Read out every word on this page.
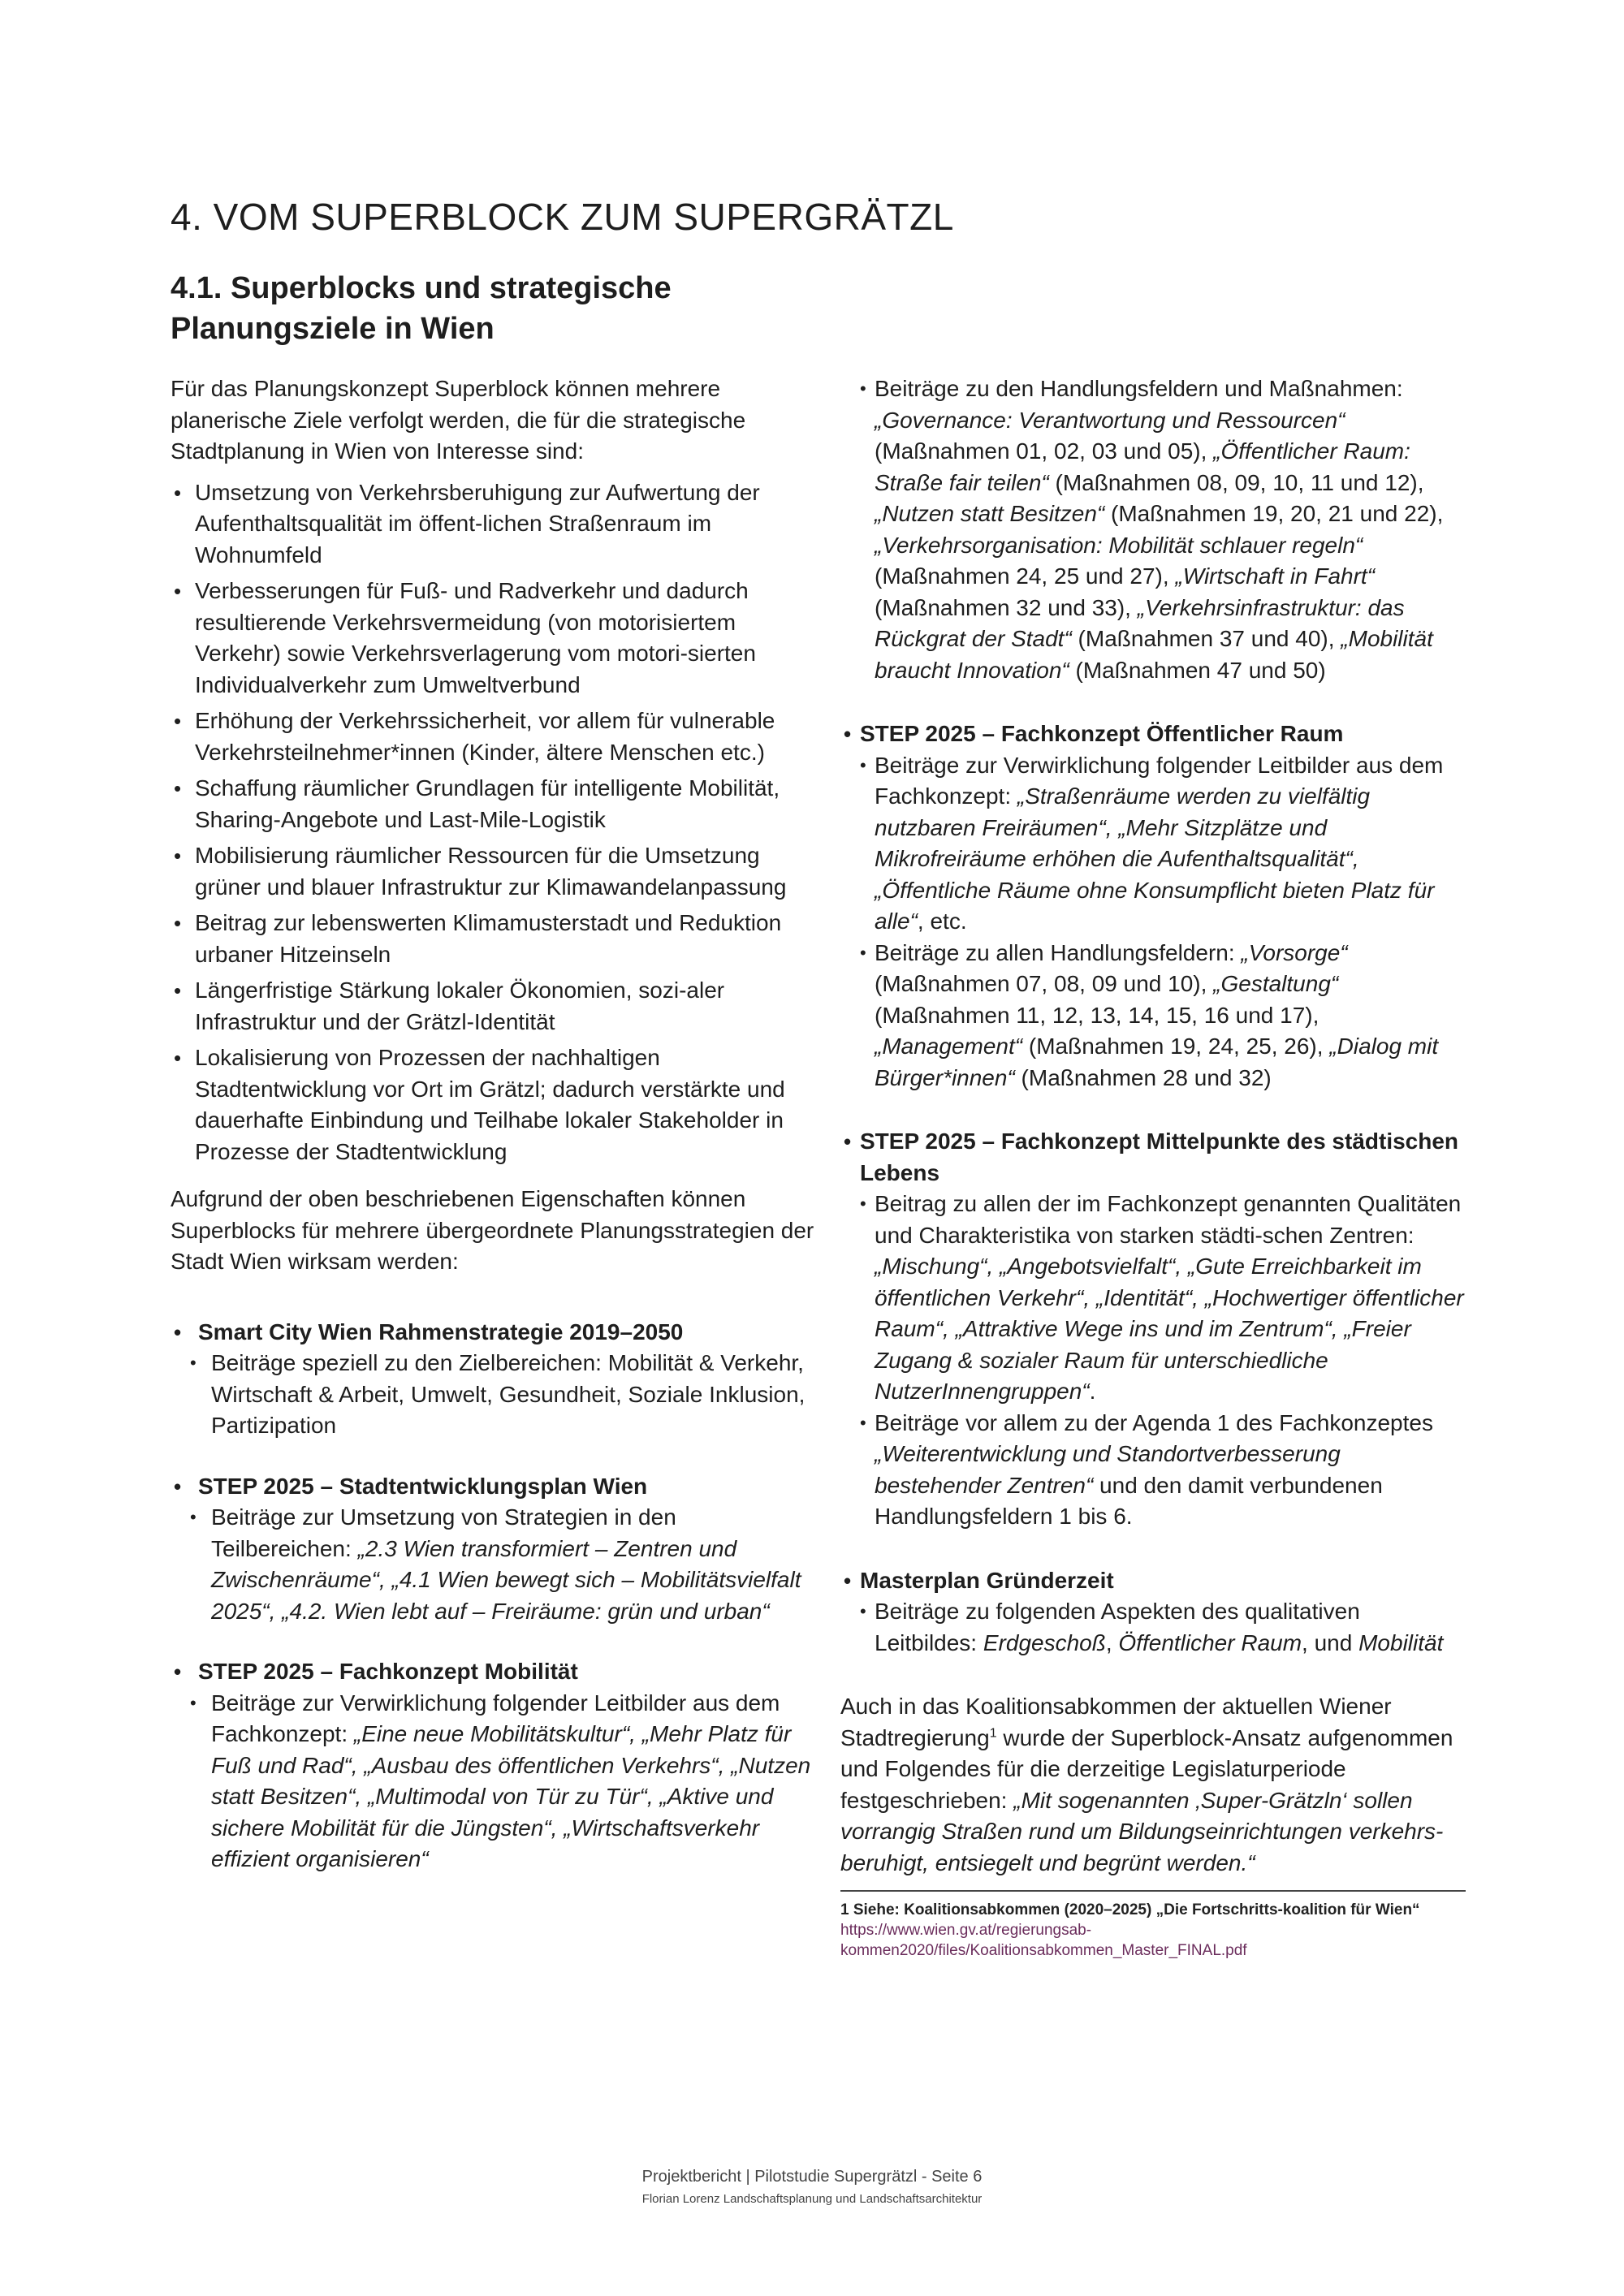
4. VOM SUPERBLOCK ZUM SUPERGRÄTZL
4.1. Superblocks und strategische
Planungsziele in Wien

Für das Planungskonzept Superblock können mehrere planerische Ziele verfolgt werden, die für die strategische Stadtplanung in Wien von Interesse sind:

• Umsetzung von Verkehrsberuhigung zur Aufwertung der Aufenthaltsqualität im öffent-lichen Straßenraum im Wohnumfeld
• Verbesserungen für Fuß- und Radverkehr und dadurch resultierende Verkehrsvermeidung (von motorisiertem Verkehr) sowie Verkehrsverlagerung vom motori-sierten Individualverkehr zum Umweltverbund
• Erhöhung der Verkehrssicherheit, vor allem für vulnerable Verkehrsteilnehmer*innen (Kinder, ältere Menschen etc.)
• Schaffung räumlicher Grundlagen für intelligente Mobilität, Sharing-Angebote und Last-Mile-Logistik
• Mobilisierung räumlicher Ressourcen für die Umsetzung grüner und blauer Infrastruktur zur Klimawandelanpassung
• Beitrag zur lebenswerten Klimamusterstadt und Reduktion urbaner Hitzeinseln
• Längerfristige Stärkung lokaler Ökonomien, sozi-aler Infrastruktur und der Grätzl-Identität
• Lokalisierung von Prozessen der nachhaltigen Stadtentwicklung vor Ort im Grätzl; dadurch verstärkte und dauerhafte Einbindung und Teilhabe lokaler Stakeholder in Prozesse der Stadtentwicklung

Aufgrund der oben beschriebenen Eigenschaften können Superblocks für mehrere übergeordnete Planungsstrategien der Stadt Wien wirksam werden:

• Smart City Wien Rahmenstrategie 2019–2050
• Beiträge speziell zu den Zielbereichen: Mobilität & Verkehr, Wirtschaft & Arbeit, Umwelt, Gesundheit, Soziale Inklusion, Partizipation
• STEP 2025 – Stadtentwicklungsplan Wien
• Beiträge zur Umsetzung von Strategien in den Teilbereichen: „2.3 Wien transformiert – Zentren und Zwischenräume“, „4.1 Wien bewegt sich – Mobilitätsvielfalt 2025“, „4.2. Wien lebt auf – Freiräume: grün und urban“
• STEP 2025 – Fachkonzept Mobilität
• Beiträge zur Verwirklichung folgender Leitbilder aus dem Fachkonzept: „Eine neue Mobilitätskultur“, „Mehr Platz für Fuß und Rad“, „Ausbau des öffentlichen Verkehrs“, „Nutzen statt Besitzen“, „Multimodal von Tür zu Tür“, „Aktive und sichere Mobilität für die Jüngsten“, „Wirtschaftsverkehr effizient organisieren“
• Beiträge zu den Handlungsfeldern und Maßnahmen: „Governance: Verantwortung und Ressourcen“ (Maßnahmen 01, 02, 03 und 05), „Öffentlicher Raum: Straße fair teilen“ (Maßnahmen 08, 09, 10, 11 und 12), „Nutzen statt Besitzen“ (Maßnahmen 19, 20, 21 und 22), „Verkehrsorganisation: Mobilität schlauer regeln“ (Maßnahmen 24, 25 und 27), „Wirtschaft in Fahrt“ (Maßnahmen 32 und 33), „Verkehrsinfrastruktur: das Rückgrat der Stadt“ (Maßnahmen 37 und 40), „Mobilität braucht Innovation“ (Maßnahmen 47 und 50)
• STEP 2025 – Fachkonzept Öffentlicher Raum
• Beiträge zur Verwirklichung folgender Leitbilder aus dem Fachkonzept: „Straßenräume werden zu vielfältig nutzbaren Freiräumen“, „Mehr Sitzplätze und Mikrofreiräume erhöhen die Aufenthaltsqualität“, „Öffentliche Räume ohne Konsumpflicht bieten Platz für alle“, etc.
• Beiträge zu allen Handlungsfeldern: „Vorsorge“ (Maßnahmen 07, 08, 09 und 10), „Gestaltung“ (Maßnahmen 11, 12, 13, 14, 15, 16 und 17), „Management“ (Maßnahmen 19, 24, 25, 26), „Dialog mit Bürger*innen“ (Maßnahmen 28 und 32)
• STEP 2025 – Fachkonzept Mittelpunkte des städtischen Lebens
• Beitrag zu allen der im Fachkonzept genannten Qualitäten und Charakteristika von starken städti-schen Zentren: „Mischung“, „Angebotsvielfalt“, „Gute Erreichbarkeit im öffentlichen Verkehr“, „Identität“, „Hochwertiger öffentlicher Raum“, „Attraktive Wege ins und im Zentrum“, „Freier Zugang & sozialer Raum für unterschiedliche NutzerInnengruppen“.
• Beiträge vor allem zu der Agenda 1 des Fachkonzeptes „Weiterentwicklung und Standortverbesserung bestehender Zentren“ und den damit verbundenen Handlungsfeldern 1 bis 6.
• Masterplan Gründerzeit
• Beiträge zu folgenden Aspekten des qualitativen Leitbildes: Erdgeschoß, Öffentlicher Raum, und Mobilität

Auch in das Koalitionsabkommen der aktuellen Wiener Stadtregierung$^1$ wurde der Superblock-Ansatz aufgenommen und Folgendes für die derzeitige Legislaturperiode festgeschrieben: „Mit sogenannten ‚Super-Grätzln‘ sollen vorrangig Straßen rund um Bildungseinrichtungen verkehrs-beruhigt, entsiegelt und begrünt werden.“

1 Siehe: Koalitionsabkommen (2020–2025) „Die Fortschritts-koalition für Wien“ https://www.wien.gv.at/regierungsab-kommen2020/files/Koalitionsabkommen_Master_FINAL.pdf
Projektbericht | Pilotstudie Supergrätzl - Seite 6
Florian Lorenz Landschaftsplanung und Landschaftsarchitektur
